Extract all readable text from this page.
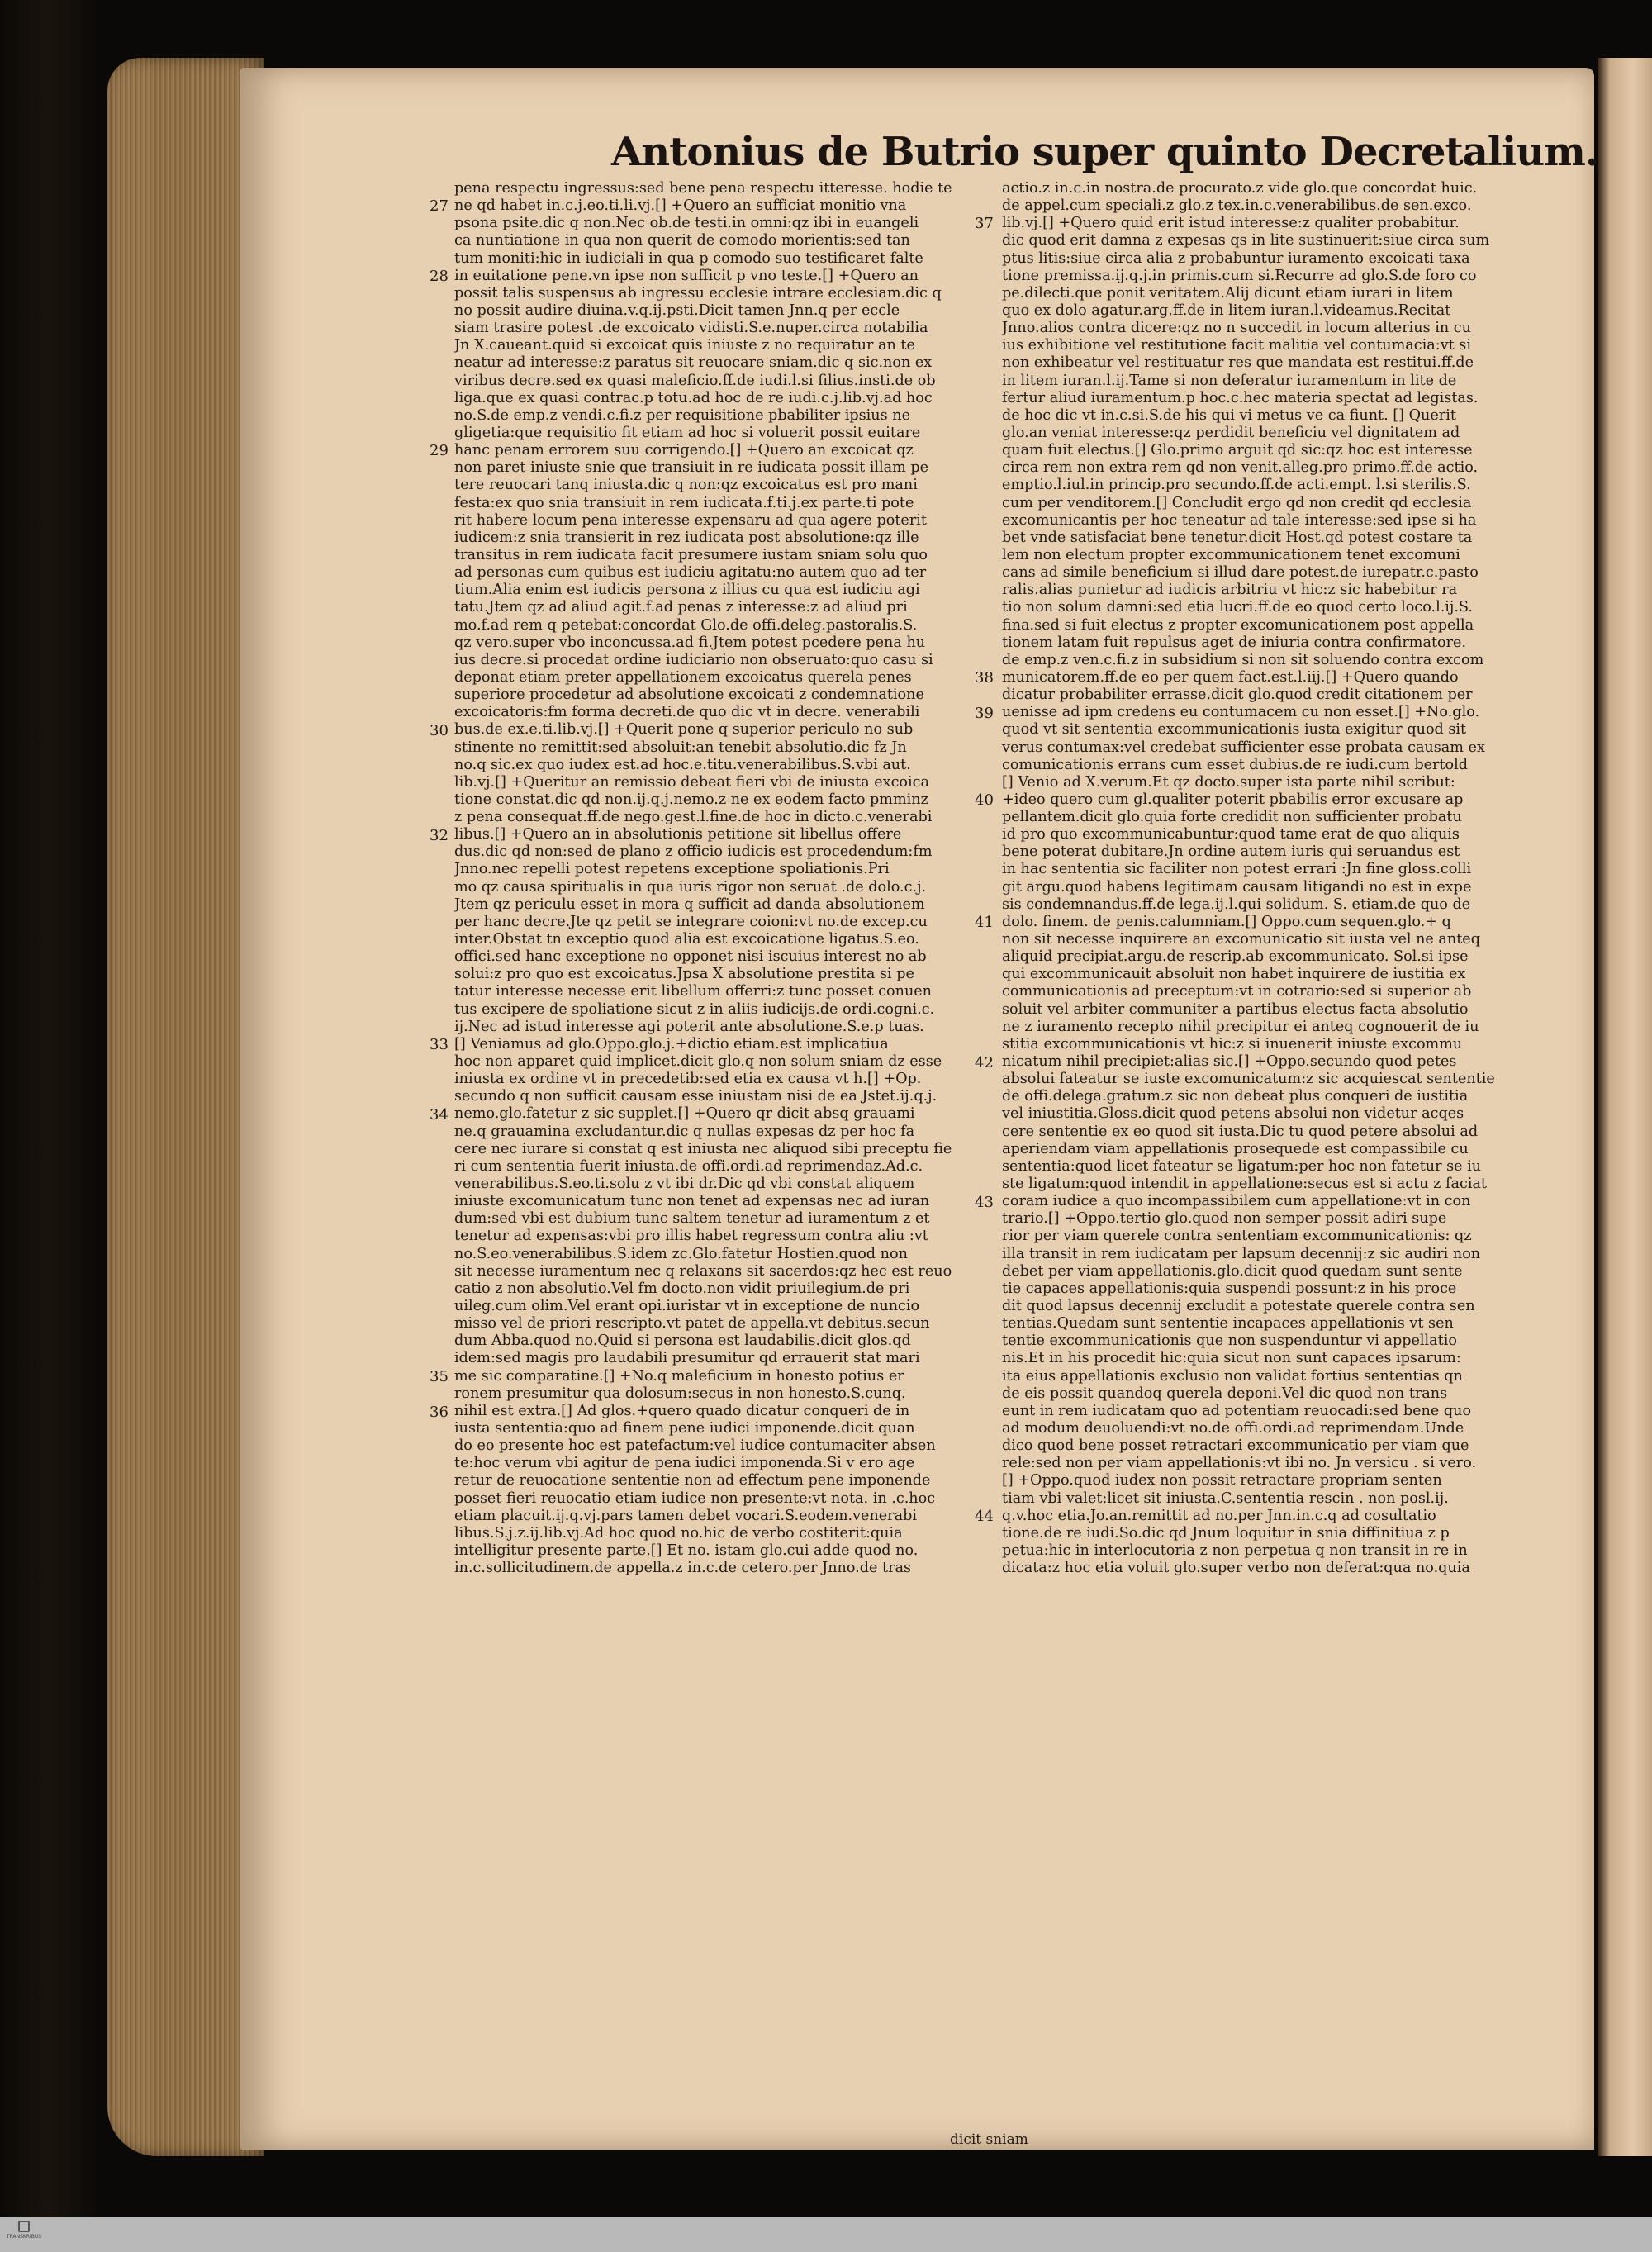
Antonius de Butrio super quinto Decretalium.
pena respectu ingressus:sed bene pena respectu itteresse. hodie te
ne qd habet in.c.j.eo.ti.li.vj.[] +Quero an sufficiat monitio vna
psona psite.dic q non.Nec ob.de testi.in omni:qz ibi in euangeli
ca nuntiatione in qua non querit de comodo morientis:sed tan
tum moniti:hic in iudiciali in qua p comodo suo testificaret falte
in euitatione pene.vn ipse non sufficit p vno teste.[] +Quero an
possit talis suspensus ab ingressu ecclesie intrare ecclesiam.dic q
no possit audire diuina.v.q.ij.psti.Dicit tamen Jnn.q per eccle
siam trasire potest .de excoicato vidisti.S.e.nuper.circa notabilia
Jn X.caueant.quid si excoicat quis iniuste z no requiratur an te
neatur ad interesse:z paratus sit reuocare sniam.dic q sic.non ex
viribus decre.sed ex quasi maleficio.ff.de iudi.l.si filius.insti.de ob
liga.que ex quasi contrac.p totu.ad hoc de re iudi.c.j.lib.vj.ad hoc
no.S.de emp.z vendi.c.fi.z per requisitione pbabiliter ipsius ne
gligetia:que requisitio fit etiam ad hoc si voluerit possit euitare
hanc penam errorem suu corrigendo.[] +Quero an excoicat qz
non paret iniuste snie que transiuit in re iudicata possit illam pe
tere reuocari tanq iniusta.dic q non:qz excoicatus est pro mani
festa:ex quo snia transiuit in rem iudicata.f.ti.j.ex parte.ti pote
rit habere locum pena interesse expensaru ad qua agere poterit
iudicem:z snia transierit in rez iudicata post absolutione:qz ille
transitus in rem iudicata facit presumere iustam sniam solu quo
ad personas cum quibus est iudiciu agitatu:no autem quo ad ter
tium.Alia enim est iudicis persona z illius cu qua est iudiciu agi
tatu.Jtem qz ad aliud agit.f.ad penas z interesse:z ad aliud pri
mo.f.ad rem q petebat:concordat Glo.de offi.deleg.pastoralis.S.
qz vero.super vbo inconcussa.ad fi.Jtem potest pcedere pena hu
ius decre.si procedat ordine iudiciario non obseruato:quo casu si
deponat etiam preter appellationem excoicatus querela penes
superiore procedetur ad absolutione excoicati z condemnatione
excoicatoris:fm forma decreti.de quo dic vt in decre. venerabili
bus.de ex.e.ti.lib.vj.[] +Querit pone q superior periculo no sub
stinente no remittit:sed absoluit:an tenebit absolutio.dic fz Jn
no.q sic.ex quo iudex est.ad hoc.e.titu.venerabilibus.S.vbi aut.
lib.vj.[] +Queritur an remissio debeat fieri vbi de iniusta excoica
tione constat.dic qd non.ij.q.j.nemo.z ne ex eodem facto pmminz
z pena consequat.ff.de nego.gest.l.fine.de hoc in dicto.c.venerabi
libus.[] +Quero an in absolutionis petitione sit libellus offere
dus.dic qd non:sed de plano z officio iudicis est procedendum:fm
Jnno.nec repelli potest repetens exceptione spoliationis.Pri
mo qz causa spiritualis in qua iuris rigor non seruat .de dolo.c.j.
Jtem qz periculu esset in mora q sufficit ad danda absolutionem
per hanc decre.Jte qz petit se integrare coioni:vt no.de excep.cu
inter.Obstat tn exceptio quod alia est excoicatione ligatus.S.eo.
offici.sed hanc exceptione no opponet nisi iscuius interest no ab
solui:z pro quo est excoicatus.Jpsa X absolutione prestita si pe
tatur interesse necesse erit libellum offerri:z tunc posset conuen
tus excipere de spoliatione sicut z in aliis iudicijs.de ordi.cogni.c.
ij.Nec ad istud interesse agi poterit ante absolutione.S.e.p tuas.
[] Veniamus ad glo.Oppo.glo.j.+dictio etiam.est implicatiua
hoc non apparet quid implicet.dicit glo.q non solum sniam dz esse
iniusta ex ordine vt in precedetib:sed etia ex causa vt h.[] +Op.
secundo q non sufficit causam esse iniustam nisi de ea Jstet.ij.q.j.
nemo.glo.fatetur z sic supplet.[] +Quero qr dicit absq grauami
ne.q grauamina excludantur.dic q nullas expesas dz per hoc fa
cere nec iurare si constat q est iniusta nec aliquod sibi preceptu fie
ri cum sententia fuerit iniusta.de offi.ordi.ad reprimendaz.Ad.c.
venerabilibus.S.eo.ti.solu z vt ibi dr.Dic qd vbi constat aliquem
iniuste excomunicatum tunc non tenet ad expensas nec ad iuran
dum:sed vbi est dubium tunc saltem tenetur ad iuramentum z et
tenetur ad expensas:vbi pro illis habet regressum contra aliu :vt
no.S.eo.venerabilibus.S.idem zc.Glo.fatetur Hostien.quod non
sit necesse iuramentum nec q relaxans sit sacerdos:qz hec est reuo
catio z non absolutio.Vel fm docto.non vidit priuilegium.de pri
uileg.cum olim.Vel erant opi.iuristar vt in exceptione de nuncio
misso vel de priori rescripto.vt patet de appella.vt debitus.secun
dum Abba.quod no.Quid si persona est laudabilis.dicit glos.qd
idem:sed magis pro laudabili presumitur qd errauerit stat mari
me sic comparatine.[] +No.q maleficium in honesto potius er
ronem presumitur qua dolosum:secus in non honesto.S.cunq.
nihil est extra.[] Ad glos.+quero quado dicatur conqueri de in
iusta sententia:quo ad finem pene iudici imponende.dicit quan
do eo presente hoc est patefactum:vel iudice contumaciter absen
te:hoc verum vbi agitur de pena iudici imponenda.Si v ero age
retur de reuocatione sententie non ad effectum pene imponende
posset fieri reuocatio etiam iudice non presente:vt nota. in .c.hoc
etiam placuit.ij.q.vj.pars tamen debet vocari.S.eodem.venerabi
libus.S.j.z.ij.lib.vj.Ad hoc quod no.hic de verbo costiterit:quia
intelligitur presente parte.[] Et no. istam glo.cui adde quod no.
in.c.sollicitudinem.de appella.z in.c.de cetero.per Jnno.de tras
actio.z in.c.in nostra.de procurato.z vide glo.que concordat huic.
de appel.cum speciali.z glo.z tex.in.c.venerabilibus.de sen.exco.
lib.vj.[] +Quero quid erit istud interesse:z qualiter probabitur.
dic quod erit damna z expesas qs in lite sustinuerit:siue circa sum
ptus litis:siue circa alia z probabuntur iuramento excoicati taxa
tione premissa.ij.q.j.in primis.cum si.Recurre ad glo.S.de foro co
pe.dilecti.que ponit veritatem.Alij dicunt etiam iurari in litem
quo ex dolo agatur.arg.ff.de in litem iuran.l.videamus.Recitat
Jnno.alios contra dicere:qz no n succedit in locum alterius in cu
ius exhibitione vel restitutione facit malitia vel contumacia:vt si
non exhibeatur vel restituatur res que mandata est restitui.ff.de
in litem iuran.l.ij.Tame si non deferatur iuramentum in lite de
fertur aliud iuramentum.p hoc.c.hec materia spectat ad legistas.
de hoc dic vt in.c.si.S.de his qui vi metus ve ca fiunt. [] Querit
glo.an veniat interesse:qz perdidit beneficiu vel dignitatem ad
quam fuit electus.[] Glo.primo arguit qd sic:qz hoc est interesse
circa rem non extra rem qd non venit.alleg.pro primo.ff.de actio.
emptio.l.iul.in princip.pro secundo.ff.de acti.empt. l.si sterilis.S.
cum per venditorem.[] Concludit ergo qd non credit qd ecclesia
excomunicantis per hoc teneatur ad tale interesse:sed ipse si ha
bet vnde satisfaciat bene tenetur.dicit Host.qd potest costare ta
lem non electum propter excommunicationem tenet excomuni
cans ad simile beneficium si illud dare potest.de iurepatr.c.pasto
ralis.alias punietur ad iudicis arbitriu vt hic:z sic habebitur ra
tio non solum damni:sed etia lucri.ff.de eo quod certo loco.l.ij.S.
fina.sed si fuit electus z propter excomunicationem post appella
tionem latam fuit repulsus aget de iniuria contra confirmatore.
de emp.z ven.c.fi.z in subsidium si non sit soluendo contra excom
municatorem.ff.de eo per quem fact.est.l.iij.[] +Quero quando
dicatur probabiliter errasse.dicit glo.quod credit citationem per
uenisse ad ipm credens eu contumacem cu non esset.[] +No.glo.
quod vt sit sententia excommunicationis iusta exigitur quod sit
verus contumax:vel credebat sufficienter esse probata causam ex
comunicationis errans cum esset dubius.de re iudi.cum bertold
[] Venio ad X.verum.Et qz docto.super ista parte nihil scribut:
+ideo quero cum gl.qualiter poterit pbabilis error excusare ap
pellantem.dicit glo.quia forte credidit non sufficienter probatu
id pro quo excommunicabuntur:quod tame erat de quo aliquis
bene poterat dubitare.Jn ordine autem iuris qui seruandus est
in hac sententia sic faciliter non potest errari :Jn fine gloss.colli
git argu.quod habens legitimam causam litigandi no est in expe
sis condemnandus.ff.de lega.ij.l.qui solidum. S. etiam.de quo de
dolo. finem. de penis.calumniam.[] Oppo.cum sequen.glo.+ q
non sit necesse inquirere an excomunicatio sit iusta vel ne anteq
aliquid precipiat.argu.de rescrip.ab excommunicato. Sol.si ipse
qui excommunicauit absoluit non habet inquirere de iustitia ex
communicationis ad preceptum:vt in cotrario:sed si superior ab
soluit vel arbiter communiter a partibus electus facta absolutio
ne z iuramento recepto nihil precipitur ei anteq cognouerit de iu
stitia excommunicationis vt hic:z si inuenerit iniuste excommu
nicatum nihil precipiet:alias sic.[] +Oppo.secundo quod petes
absolui fateatur se iuste excomunicatum:z sic acquiescat sententie
de offi.delega.gratum.z sic non debeat plus conqueri de iustitia
vel iniustitia.Gloss.dicit quod petens absolui non videtur acqes
cere sententie ex eo quod sit iusta.Dic tu quod petere absolui ad
aperiendam viam appellationis prosequede est compassibile cu
sententia:quod licet fateatur se ligatum:per hoc non fatetur se iu
ste ligatum:quod intendit in appellatione:secus est si actu z faciat
coram iudice a quo incompassibilem cum appellatione:vt in con
trario.[] +Oppo.tertio glo.quod non semper possit adiri supe
rior per viam querele contra sententiam excommunicationis: qz
illa transit in rem iudicatam per lapsum decennij:z sic audiri non
debet per viam appellationis.glo.dicit quod quedam sunt sente
tie capaces appellationis:quia suspendi possunt:z in his proce
dit quod lapsus decennij excludit a potestate querele contra sen
tentias.Quedam sunt sententie incapaces appellationis vt sen
tentie excommunicationis que non suspenduntur vi appellatio
nis.Et in his procedit hic:quia sicut non sunt capaces ipsarum:
ita eius appellationis exclusio non validat fortius sententias qn
de eis possit quandoq querela deponi.Vel dic quod non trans
eunt in rem iudicatam quo ad potentiam reuocadi:sed bene quo
ad modum deuoluendi:vt no.de offi.ordi.ad reprimendam.Unde
dico quod bene posset retractari excommunicatio per viam que
rele:sed non per viam appellationis:vt ibi no. Jn versicu . si vero.
[] +Oppo.quod iudex non possit retractare propriam senten
tiam vbi valet:licet sit iniusta.C.sententia rescin . non posl.ij.
q.v.hoc etia.Jo.an.remittit ad no.per Jnn.in.c.q ad cosultatio
tione.de re iudi.So.dic qd Jnum loquitur in snia diffinitiua z p
petua:hic in interlocutoria z non perpetua q non transit in re in
dicata:z hoc etia voluit glo.super verbo non deferat:qua no.quia
27
28
29
30
32
33
34
35
36
37
38
39
40
41
42
43
44
dicit sniam
TRANSKRIBUS
